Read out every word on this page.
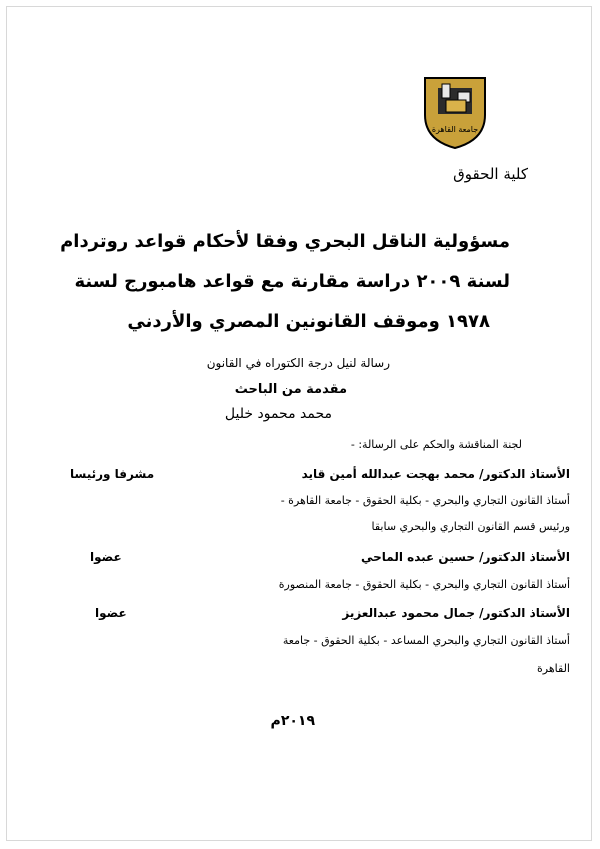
جامعة القاهرة
كلية الحقوق
مسؤولية الناقل البحري وفقا لأحكام قواعد روتردام
لسنة ٢٠٠٩ دراسة مقارنة مع قواعد هامبورج لسنة
١٩٧٨ وموقف القانونين المصري والأردني
رسالة لنيل درجة الكتوراه في القانون
مقدمة من الباحث
محمد محمود خليل
لجنة المناقشة والحكم على الرسالة: -
الأستاذ الدكتور/ محمد بهجت عبدالله أمين قايد
مشرفا ورئيسا
أستاذ القانون التجاري والبحري - بكلية الحقوق - جامعة القاهرة -
ورئيس قسم القانون التجاري والبحري سابقا
الأستاذ الدكتور/ حسين عبده الماحي
عضوا
أستاذ القانون التجاري والبحري - بكلية الحقوق - جامعة المنصورة
الأستاذ الدكتور/ جمال محمود عبدالعزيز
عضوا
أستاذ القانون التجاري والبحري المساعد - بكلية الحقوق - جامعة
القاهرة
٢٠١٩م
